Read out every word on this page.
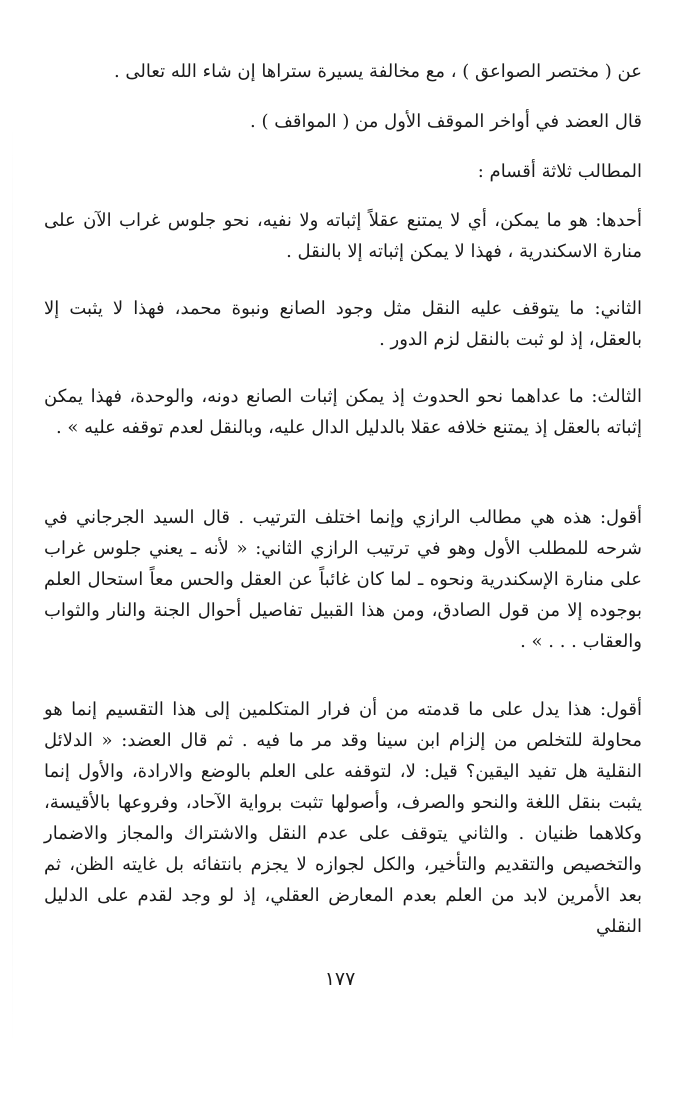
عن ( مختصر الصواعق ) ، مع مخالفة يسيرة ستراها إن شاء الله تعالى .

قال العضد في أواخر الموقف الأول من ( المواقف ) .

المطالب ثلاثة أقسام :

أحدها: هو ما يمكن، أي لا يمتنع عقلاً إثباته ولا نفيه، نحو جلوس غراب الآن على منارة الاسكندرية ، فهذا لا يمكن إثباته إلا بالنقل .

الثاني: ما يتوقف عليه النقل مثل وجود الصانع ونبوة محمد، فهذا لا يثبت إلا بالعقل، إذ لو ثبت بالنقل لزم الدور .

الثالث: ما عداهما نحو الحدوث إذ يمكن إثبات الصانع دونه، والوحدة، فهذا يمكن إثباته بالعقل إذ يمتنع خلافه عقلا بالدليل الدال عليه، وبالنقل لعدم توقفه عليه » .

أقول: هذه هي مطالب الرازي وإنما اختلف الترتيب . قال السيد الجرجاني في شرحه للمطلب الأول وهو في ترتيب الرازي الثاني: « لأنه ـ يعني جلوس غراب على منارة الإسكندرية ونحوه ـ لما كان غائباً عن العقل والحس معاً استحال العلم بوجوده إلا من قول الصادق، ومن هذا القبيل تفاصيل أحوال الجنة والنار والثواب والعقاب . . . » .

أقول: هذا يدل على ما قدمته من أن فرار المتكلمين إلى هذا التقسيم إنما هو محاولة للتخلص من إلزام ابن سينا وقد مر ما فيه . ثم قال العضد: « الدلائل النقلية هل تفيد اليقين؟ قيل: لا، لتوقفه على العلم بالوضع والارادة، والأول إنما يثبت بنقل اللغة والنحو والصرف، وأصولها تثبت برواية الآحاد، وفروعها بالأقيسة، وكلاهما ظنيان . والثاني يتوقف على عدم النقل والاشتراك والمجاز والاضمار والتخصيص والتقديم والتأخير، والكل لجوازه لا يجزم بانتفائه بل غايته الظن، ثم بعد الأمرين لابد من العلم بعدم المعارض العقلي، إذ لو وجد لقدم على الدليل النقلي

١٧٧
